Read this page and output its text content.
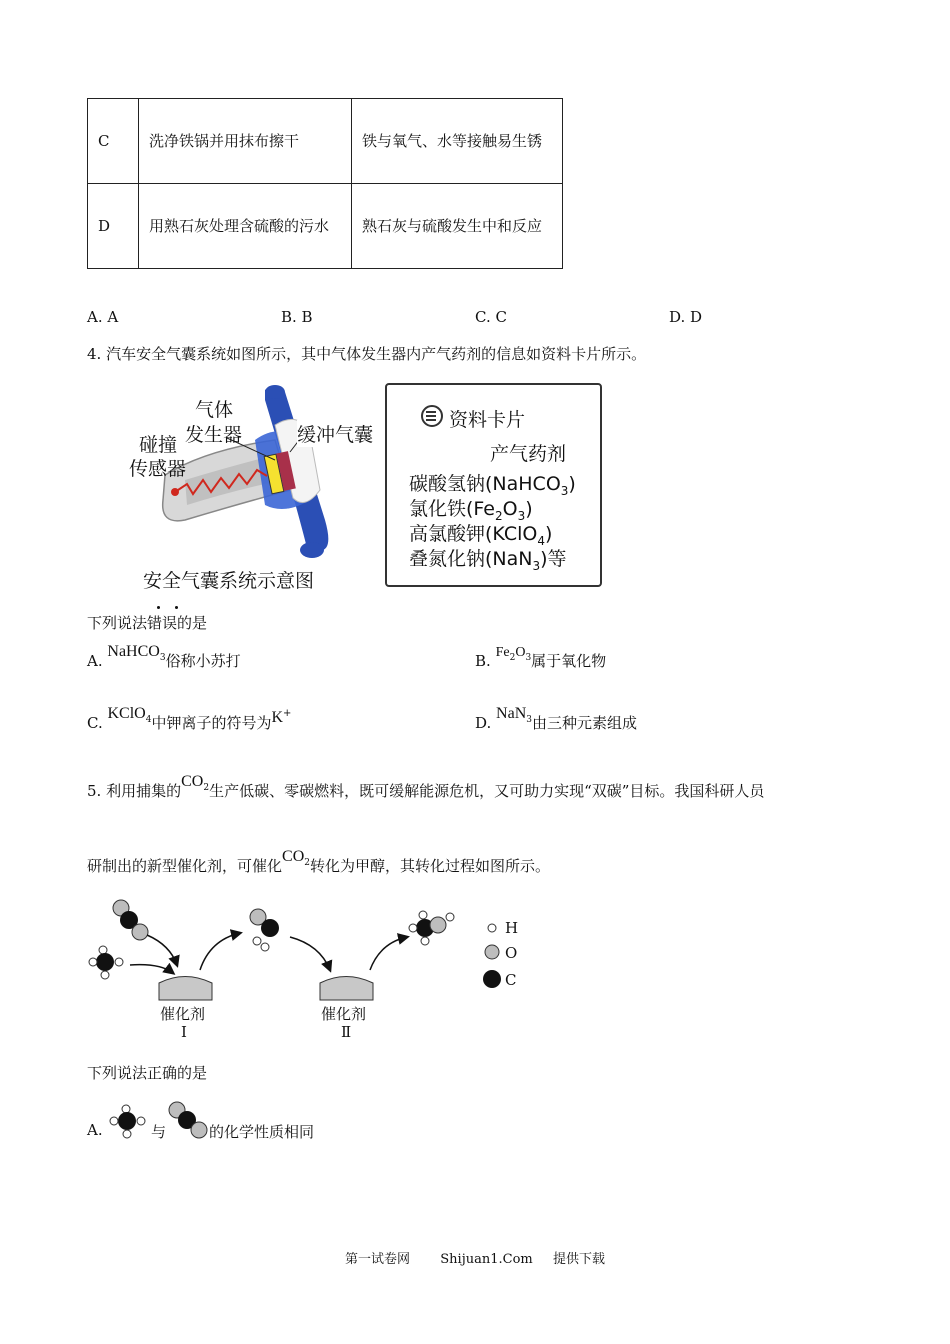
C	洗净铁锅并用抹布擦干	铁与氧气、水等接触易生锈
D	用熟石灰处理含硫酸的污水	熟石灰与硫酸发生中和反应
A. A	B. B	C. C	D. D
4. 汽车安全气囊系统如图所示，其中气体发生器内产气药剂的信息如资料卡片所示。
气体
发生器	缓冲气囊
碰撞
传感器
安全气囊系统示意图
资料卡片
产气药剂
碳酸氢钠(NaHCO$_3$)
氯化铁$(Fe_2O_3)$
高氯酸钾(KClO$_4$)
叠氮化钠(NaN$_3$)等
下列说法错误的是
A. NaHCO$^3$俗称小苏打	B. $Fe^2O^3$属于氧化物
C. KClO$^4$中钾离子的符号为K+
D. NaN$^3$由三种元素组成
5. 利用捕集的$CO^2$生产低碳、零碳燃料，既可缓解能源危机，又可助力实现“双碳”目标。我国科研人员
研制出的新型催化剂，可催化$CO^2$转化为甲醇，其转化过程如图所示。
H
O
C
催化剂
Ⅰ
催化剂
Ⅱ
下列说法正确的是
A.	与	的化学性质相同
第一试卷网 Shijuan1.Com 提供下载
